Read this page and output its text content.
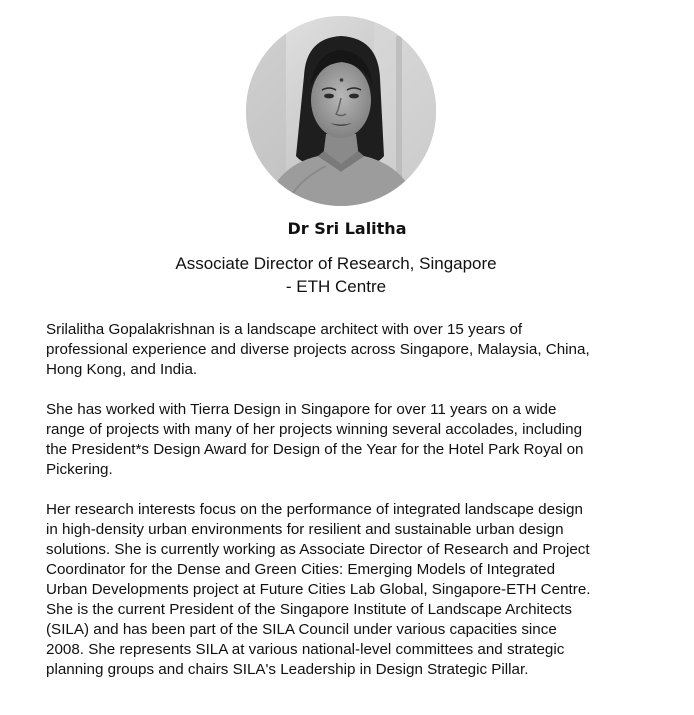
Dr Sri Lalitha
Associate Director of Research, Singapore
- ETH Centre

Srilalitha Gopalakrishnan is a landscape architect with over 15 years of
professional experience and diverse projects across Singapore, Malaysia, China,
Hong Kong, and India.

She has worked with Tierra Design in Singapore for over 11 years on a wide
range of projects with many of her projects winning several accolades, including
the President*s Design Award for Design of the Year for the Hotel Park Royal on
Pickering.

Her research interests focus on the performance of integrated landscape design
in high-density urban environments for resilient and sustainable urban design
solutions. She is currently working as Associate Director of Research and Project
Coordinator for the Dense and Green Cities: Emerging Models of Integrated
Urban Developments project at Future Cities Lab Global, Singapore-ETH Centre.
She is the current President of the Singapore Institute of Landscape Architects
(SILA) and has been part of the SILA Council under various capacities since
2008. She represents SILA at various national-level committees and strategic
planning groups and chairs SILA's Leadership in Design Strategic Pillar.
